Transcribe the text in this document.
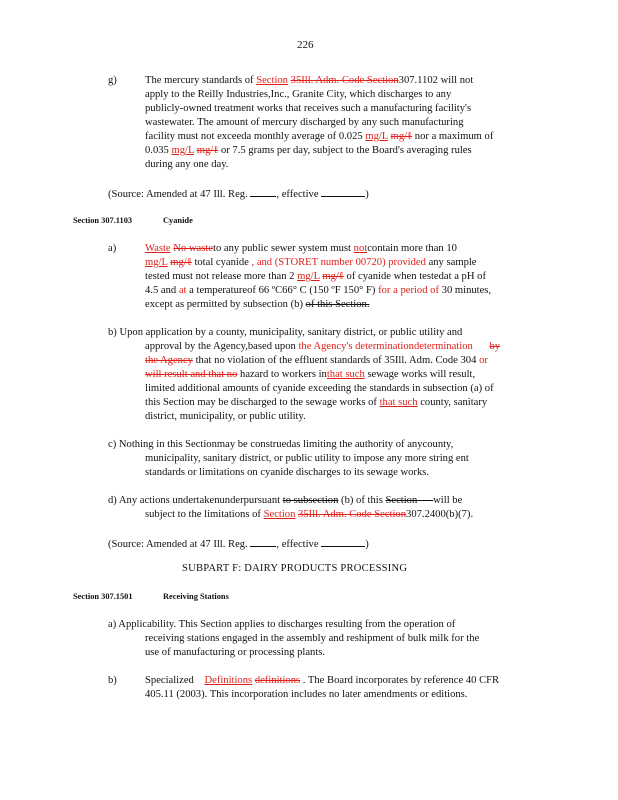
226
g)	The mercury standards of Section 35Ill. Adm. Code Section307.1102 will not
apply to the Reilly Industries,Inc., Granite City, which discharges to any
publicly-owned treatment works that receives such a manufacturing facility's
wastewater. The amount of mercury discharged by any such manufacturing
facility must not exceeda monthly average of 0.025 mg/L mg/ℓ nor a maximum of
0.035 mg/L mg/ℓ or 7.5 grams per day, subject to the Board's averaging rules
during any one day.
(Source: Amended at 47 Ill. Reg.	, effective	)
Section 307.1103	Cyanide
a)	Waste No wasteto any public sewer system must notcontain more than 10
mg/L mg/ℓ total cyanide , and (STORET number 00720) provided any sample
tested must not release more than 2 mg/L mg/ℓ of cyanide when testedat a pH of
4.5 and at a temperatureof 66 ºC66° C (150 ºF 150° F) for a period of 30 minutes,
except as permitted by subsection (b) of this Section.
b) Upon application by a county, municipality, sanitary district, or public utility and
approval by the Agency,based upon the Agency's determinationdetermination by
the Agency that no violation of the effluent standards of 35Ill. Adm. Code 304 or
will result and that no hazard to workers inthat such sewage works will result,
limited additional amounts of cyanide exceeding the standards in subsection (a) of
this Section may be discharged to the sewage works of that such county, sanitary
district, municipality, or public utility.
c) Nothing in this Sectionmay be construedas limiting the authority of anycounty,
municipality, sanitary district, or public utility to impose any more string ent
standards or limitations on cyanide discharges to its sewage works.
d) Any actions undertakenunderpursuant to subsection (b) of this Section will be
subject to the limitations of Section 35Ill. Adm. Code Section307.2400(b)(7).
(Source: Amended at 47 Ill. Reg.	, effective	)
SUBPART F: DAIRY PRODUCTS PROCESSING
Section 307.1501	Receiving Stations
a) Applicability. This Section applies to discharges resulting from the operation of
receiving stations engaged in the assembly and reshipment of bulk milk for the
use of manufacturing or processing plants.
b)	Specialized Definitions definitions . The Board incorporates by reference 40 CFR
405.11 (2003). This incorporation includes no later amendments or editions.
